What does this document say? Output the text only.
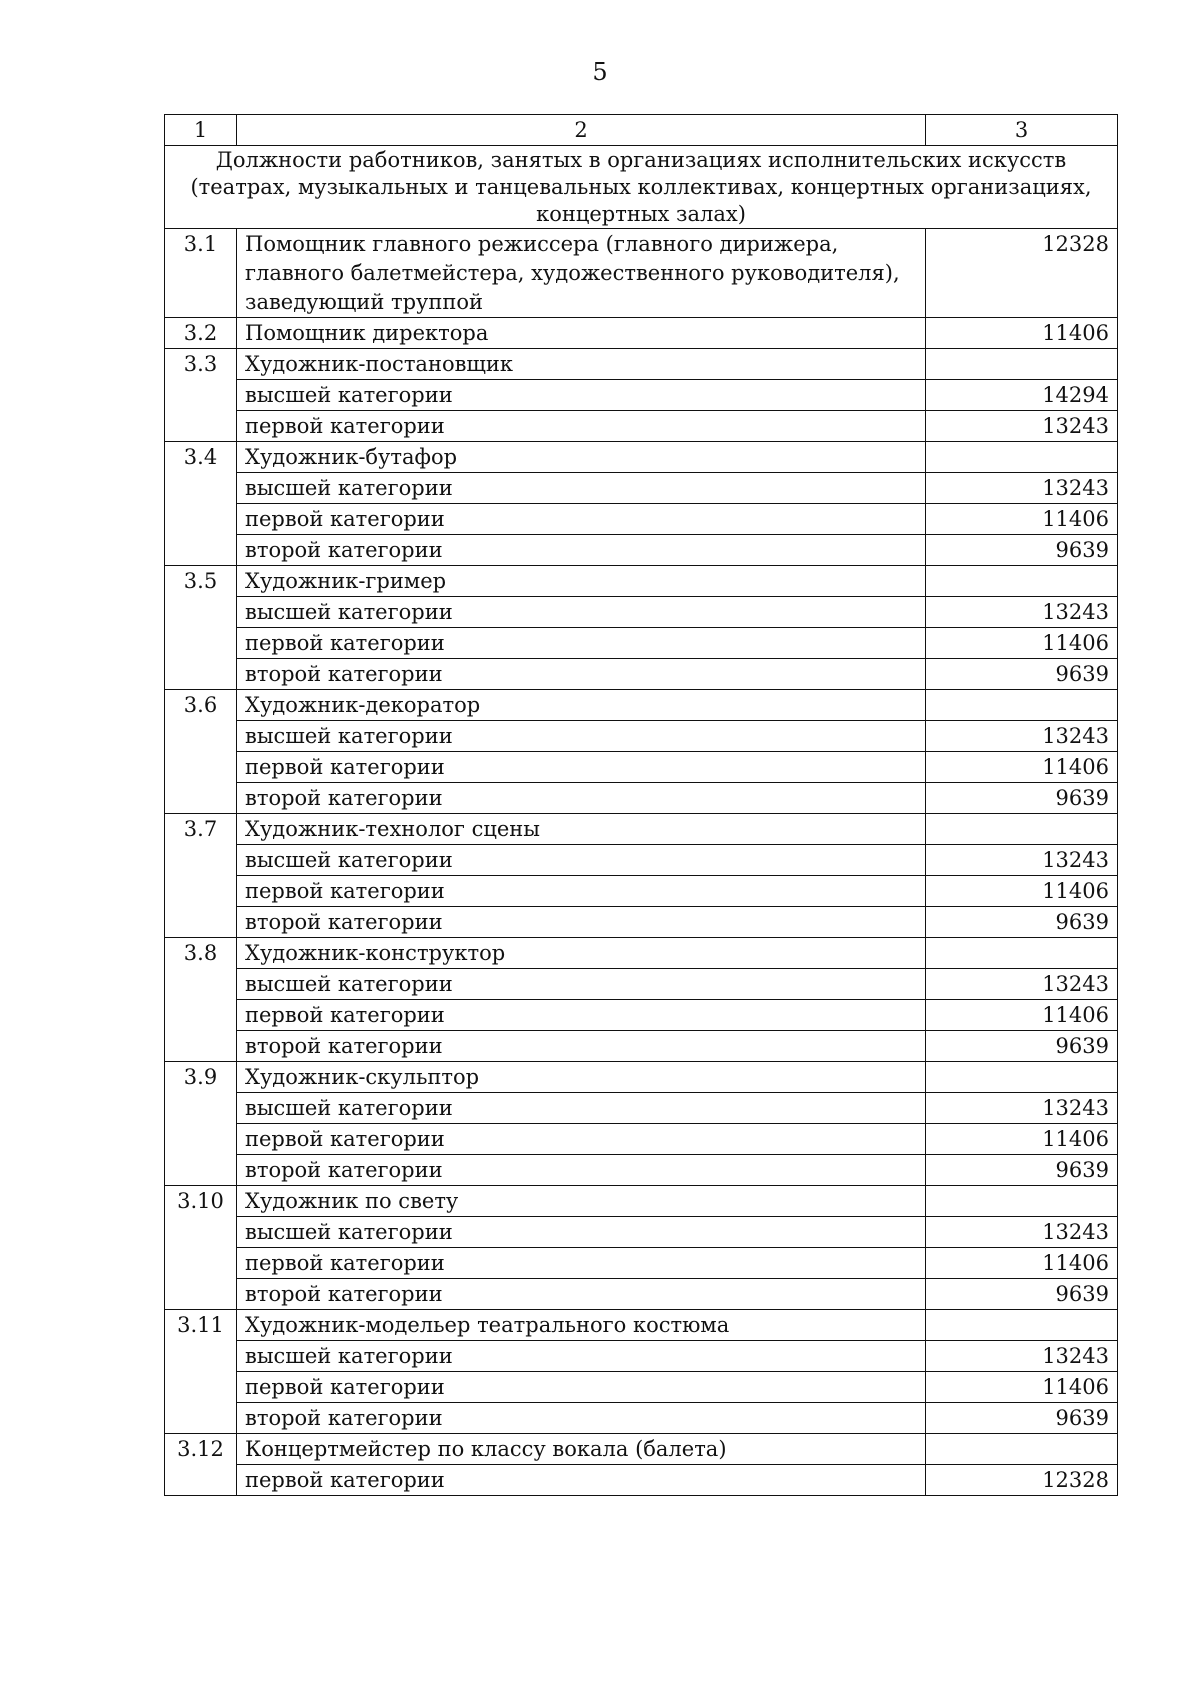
5
1	2	3
Должности работников, занятых в организациях исполнительских искусств (театрах, музыкальных и танцевальных коллективах, концертных организациях, концертных залах)		
3.1	Помощник главного режиссера (главного дирижера, главного балетмейстера, художественного руководителя), заведующий труппой	12328
3.2	Помощник директора	11406
3.3	Художник-постановщик	
	высшей категории	14294
	первой категории	13243
3.4	Художник-бутафор	
	высшей категории	13243
	первой категории	11406
	второй категории	9639
3.5	Художник-гример	
	высшей категории	13243
	первой категории	11406
	второй категории	9639
3.6	Художник-декоратор	
	высшей категории	13243
	первой категории	11406
	второй категории	9639
3.7	Художник-технолог сцены	
	высшей категории	13243
	первой категории	11406
	второй категории	9639
3.8	Художник-конструктор	
	высшей категории	13243
	первой категории	11406
	второй категории	9639
3.9	Художник-скульптор	
	высшей категории	13243
	первой категории	11406
	второй категории	9639
3.10	Художник по свету	
	высшей категории	13243
	первой категории	11406
	второй категории	9639
3.11	Художник-модельер театрального костюма	
	высшей категории	13243
	первой категории	11406
	второй категории	9639
3.12	Концертмейстер по классу вокала (балета)	
	первой категории	12328
